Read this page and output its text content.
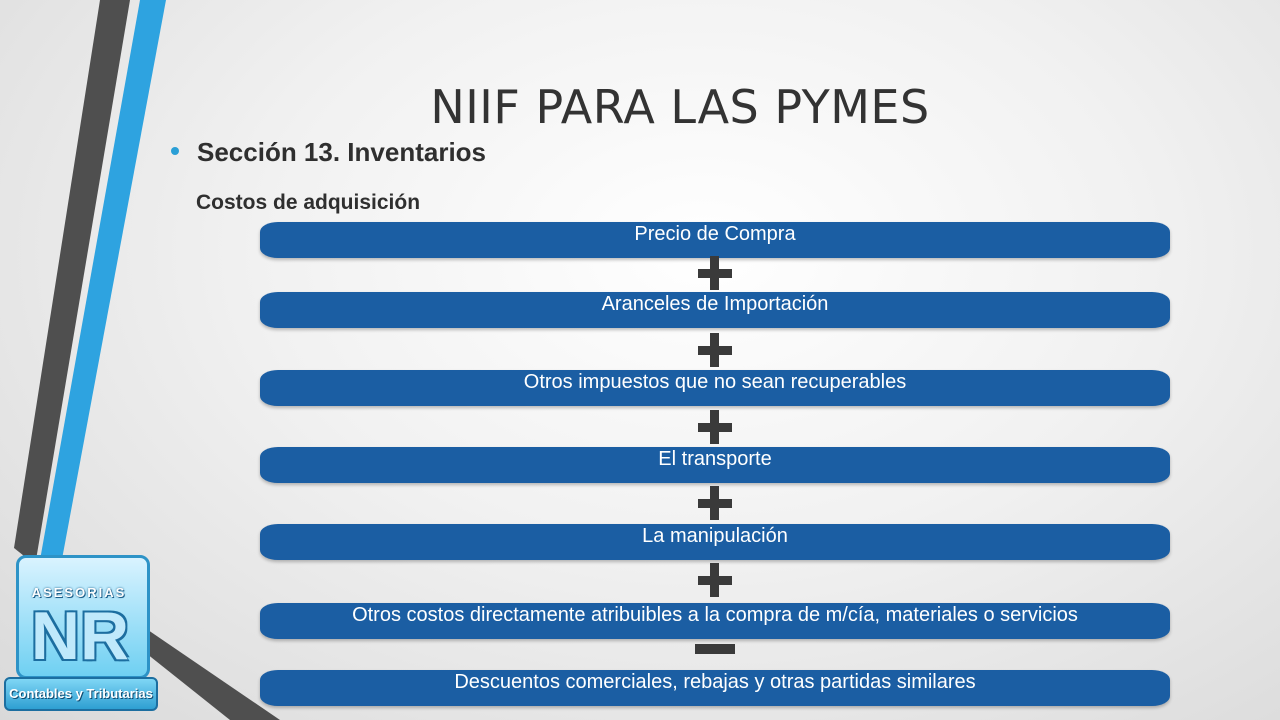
NIIF PARA LAS PYMES
Sección 13. Inventarios
Costos de adquisición
Precio de Compra
Aranceles de Importación
Otros impuestos que no sean recuperables
El transporte
La manipulación
Otros costos directamente atribuibles a la compra de m/cía, materiales o servicios
Descuentos comerciales, rebajas y otras partidas similares
ASESORIAS
NR
Contables y Tributarias
